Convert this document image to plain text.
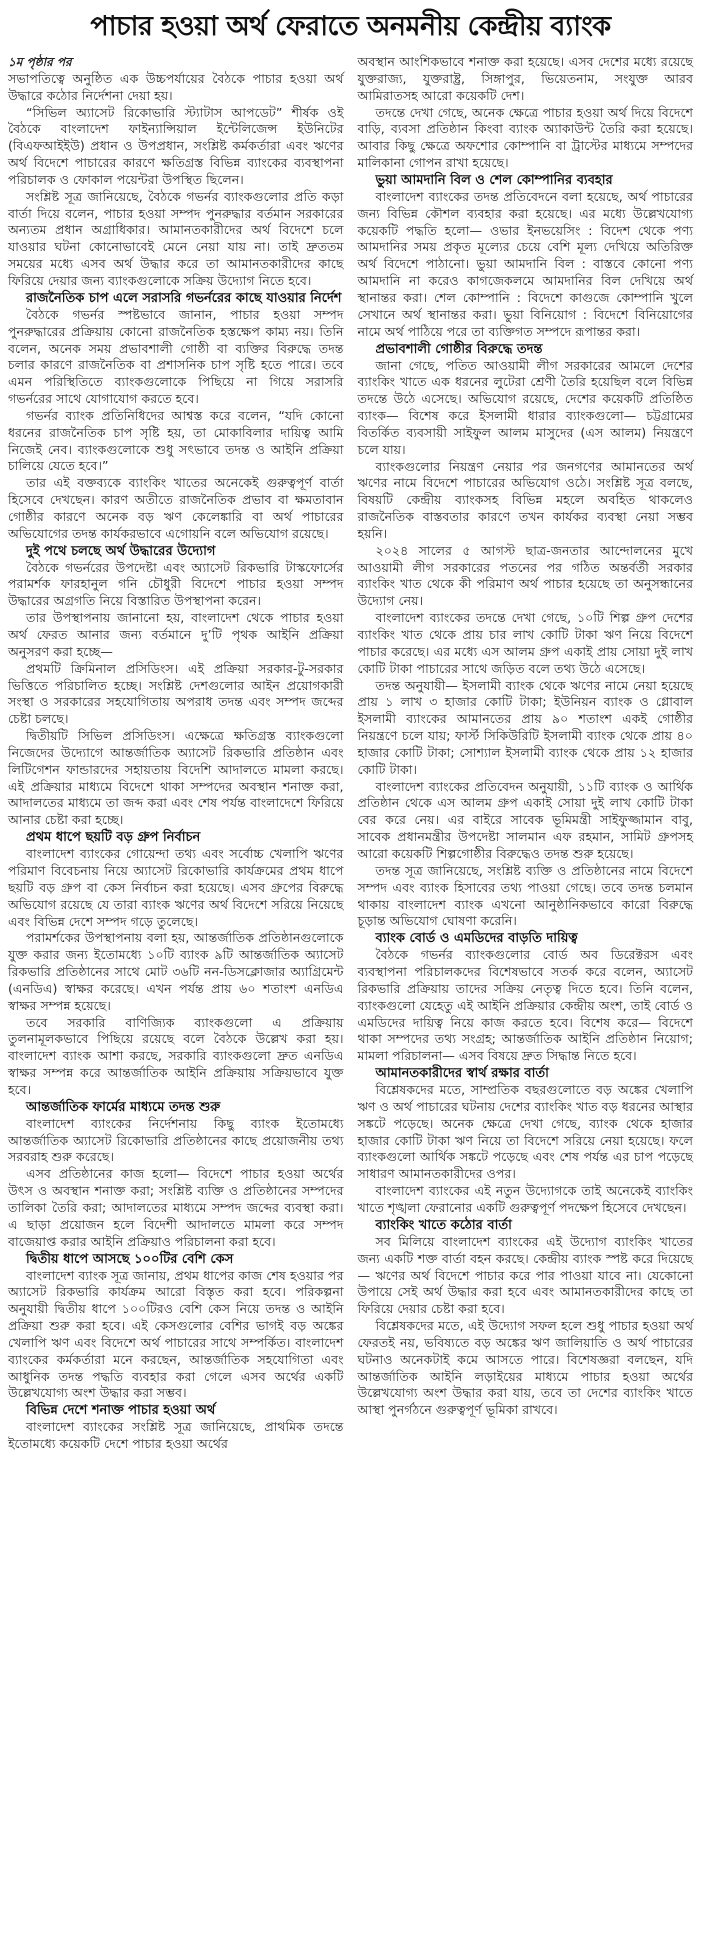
পাচার হওয়া অর্থ ফেরাতে অনমনীয় কেন্দ্রীয় ব্যাংক

১ম পৃষ্ঠার পর

সভাপতিত্বে অনুষ্ঠিত এক উচ্চপর্যায়ের বৈঠকে পাচার হওয়া অর্থ উদ্ধারে কঠোর নির্দেশনা দেয়া হয়।

“সিভিল অ্যাসেট রিকোভারি স্ট্যাটাস আপডেট” শীর্ষক ওই বৈঠকে বাংলাদেশ ফাইন্যান্সিয়াল ইন্টেলিজেন্স ইউনিটের (বিএফআইইউ) প্রধান ও উপপ্রধান, সংশ্লিষ্ট কর্মকর্তারা এবং ঋণের অর্থ বিদেশে পাচারের কারণে ক্ষতিগ্রস্ত বিভিন্ন ব্যাংকের ব্যবস্থাপনা পরিচালক ও ফোকাল পয়েন্টরা উপস্থিত ছিলেন।

সংশ্লিষ্ট সূত্র জানিয়েছে, বৈঠকে গভর্নর ব্যাংকগুলোর প্রতি কড়া বার্তা দিয়ে বলেন, পাচার হওয়া সম্পদ পুনরুদ্ধার বর্তমান সরকারের অন্যতম প্রধান অগ্রাধিকার। আমানতকারীদের অর্থ বিদেশে চলে যাওয়ার ঘটনা কোনোভাবেই মেনে নেয়া যায় না। তাই দ্রুততম সময়ের মধ্যে এসব অর্থ উদ্ধার করে তা আমানতকারীদের কাছে ফিরিয়ে দেয়ার জন্য ব্যাংকগুলোকে সক্রিয় উদ্যোগ নিতে হবে।

রাজনৈতিক চাপ এলে সরাসরি গভর্নরের কাছে যাওয়ার নির্দেশ

বৈঠকে গভর্নর স্পষ্টভাবে জানান, পাচার হওয়া সম্পদ পুনরুদ্ধারের প্রক্রিয়ায় কোনো রাজনৈতিক হস্তক্ষেপ কাম্য নয়। তিনি বলেন, অনেক সময় প্রভাবশালী গোষ্ঠী বা ব্যক্তির বিরুদ্ধে তদন্ত চলার কারণে রাজনৈতিক বা প্রশাসনিক চাপ সৃষ্টি হতে পারে। তবে এমন পরিস্থিতিতে ব্যাংকগুলোকে পিছিয়ে না গিয়ে সরাসরি গভর্নরের সাথে যোগাযোগ করতে হবে।

গভর্নর ব্যাংক প্রতিনিধিদের আশ্বস্ত করে বলেন, “যদি কোনো ধরনের রাজনৈতিক চাপ সৃষ্টি হয়, তা মোকাবিলার দায়িত্ব আমি নিজেই নেব। ব্যাংকগুলোকে শুধু সৎভাবে তদন্ত ও আইনি প্রক্রিয়া চালিয়ে যেতে হবে।”

তার এই বক্তব্যকে ব্যাংকিং খাতের অনেকেই গুরুত্বপূর্ণ বার্তা হিসেবে দেখছেন। কারণ অতীতে রাজনৈতিক প্রভাব বা ক্ষমতাবান গোষ্ঠীর কারণে অনেক বড় ঋণ কেলেঙ্কারি বা অর্থ পাচারের অভিযোগের তদন্ত কার্যকরভাবে এগোয়নি বলে অভিযোগ রয়েছে।

দুই পথে চলছে অর্থ উদ্ধারের উদ্যোগ

বৈঠকে গভর্নরের উপদেষ্টা এবং অ্যাসেট রিকভারি টাস্কফোর্সের পরামর্শক ফারহানুল গনি চৌধুরী বিদেশে পাচার হওয়া সম্পদ উদ্ধারের অগ্রগতি নিয়ে বিস্তারিত উপস্থাপনা করেন।

তার উপস্থাপনায় জানানো হয়, বাংলাদেশ থেকে পাচার হওয়া অর্থ ফেরত আনার জন্য বর্তমানে দু’টি পৃথক আইনি প্রক্রিয়া অনুসরণ করা হচ্ছে—

প্রথমটি ক্রিমিনাল প্রসিডিংস। এই প্রক্রিয়া সরকার-টু-সরকার ভিত্তিতে পরিচালিত হচ্ছে। সংশ্লিষ্ট দেশগুলোর আইন প্রয়োগকারী সংস্থা ও সরকারের সহযোগিতায় অপরাধ তদন্ত এবং সম্পদ জব্দের চেষ্টা চলছে।

দ্বিতীয়টি সিভিল প্রসিডিংস। এক্ষেত্রে ক্ষতিগ্রস্ত ব্যাংকগুলো নিজেদের উদ্যোগে আন্তর্জাতিক অ্যাসেট রিকভারি প্রতিষ্ঠান এবং লিটিগেশন ফান্ডারদের সহায়তায় বিদেশি আদালতে মামলা করছে। এই প্রক্রিয়ার মাধ্যমে বিদেশে থাকা সম্পদের অবস্থান শনাক্ত করা, আদালতের মাধ্যমে তা জব্দ করা এবং শেষ পর্যন্ত বাংলাদেশে ফিরিয়ে আনার চেষ্টা করা হচ্ছে।

প্রথম ধাপে ছয়টি বড় গ্রুপ নির্বাচন

বাংলাদেশ ব্যাংকের গোয়েন্দা তথ্য এবং সর্বোচ্চ খেলাপি ঋণের পরিমাণ বিবেচনায় নিয়ে অ্যাসেট রিকোভারি কার্যক্রমের প্রথম ধাপে ছয়টি বড় গ্রুপ বা কেস নির্বাচন করা হয়েছে। এসব গ্রুপের বিরুদ্ধে অভিযোগ রয়েছে যে তারা ব্যাংক ঋণের অর্থ বিদেশে সরিয়ে নিয়েছে এবং বিভিন্ন দেশে সম্পদ গড়ে তুলেছে।

পরামর্শকের উপস্থাপনায় বলা হয়, আন্তর্জাতিক প্রতিষ্ঠানগুলোকে যুক্ত করার জন্য ইতোমধ্যে ১০টি ব্যাংক ৯টি আন্তর্জাতিক অ্যাসেট রিকভারি প্রতিষ্ঠানের সাথে মোট ৩৬টি নন-ডিসক্লোজার অ্যাগ্রিমেন্ট (এনডিএ) স্বাক্ষর করেছে। এখন পর্যন্ত প্রায় ৬০ শতাংশ এনডিএ স্বাক্ষর সম্পন্ন হয়েছে।

তবে সরকারি বাণিজ্যিক ব্যাংকগুলো এ প্রক্রিয়ায় তুলনামূলকভাবে পিছিয়ে রয়েছে বলে বৈঠকে উল্লেখ করা হয়। বাংলাদেশ ব্যাংক আশা করছে, সরকারি ব্যাংকগুলো দ্রুত এনডিএ স্বাক্ষর সম্পন্ন করে আন্তর্জাতিক আইনি প্রক্রিয়ায় সক্রিয়ভাবে যুক্ত হবে।

আন্তর্জাতিক ফার্মের মাধ্যমে তদন্ত শুরু

বাংলাদেশ ব্যাংকের নির্দেশনায় কিছু ব্যাংক ইতোমধ্যে আন্তর্জাতিক অ্যাসেট রিকোভারি প্রতিষ্ঠানের কাছে প্রয়োজনীয় তথ্য সরবরাহ শুরু করেছে।

এসব প্রতিষ্ঠানের কাজ হলো— বিদেশে পাচার হওয়া অর্থের উৎস ও অবস্থান শনাক্ত করা; সংশ্লিষ্ট ব্যক্তি ও প্রতিষ্ঠানের সম্পদের তালিকা তৈরি করা; আদালতের মাধ্যমে সম্পদ জব্দের ব্যবস্থা করা। এ ছাড়া প্রয়োজন হলে বিদেশী আদালতে মামলা করে সম্পদ বাজেয়াপ্ত করার আইনি প্রক্রিয়াও পরিচালনা করা হবে।

দ্বিতীয় ধাপে আসছে ১০০টির বেশি কেস

বাংলাদেশ ব্যাংক সূত্র জানায়, প্রথম ধাপের কাজ শেষ হওয়ার পর অ্যাসেট রিকভারি কার্যক্রম আরো বিস্তৃত করা হবে। পরিকল্পনা অনুযায়ী দ্বিতীয় ধাপে ১০০টিরও বেশি কেস নিয়ে তদন্ত ও আইনি প্রক্রিয়া শুরু করা হবে। এই কেসগুলোর বেশির ভাগই বড় অঙ্কের খেলাপি ঋণ এবং বিদেশে অর্থ পাচারের সাথে সম্পর্কিত। বাংলাদেশ ব্যাংকের কর্মকর্তারা মনে করছেন, আন্তর্জাতিক সহযোগিতা এবং আধুনিক তদন্ত পদ্ধতি ব্যবহার করা গেলে এসব অর্থের একটি উল্লেখযোগ্য অংশ উদ্ধার করা সম্ভব।

বিভিন্ন দেশে শনাক্ত পাচার হওয়া অর্থ

বাংলাদেশ ব্যাংকের সংশ্লিষ্ট সূত্র জানিয়েছে, প্রাথমিক তদন্তে ইতোমধ্যে কয়েকটি দেশে পাচার হওয়া অর্থের

অবস্থান আংশিকভাবে শনাক্ত করা হয়েছে। এসব দেশের মধ্যে রয়েছে যুক্তরাজ্য, যুক্তরাষ্ট্র, সিঙ্গাপুর, ভিয়েতনাম, সংযুক্ত আরব আমিরাতসহ আরো কয়েকটি দেশ।

তদন্তে দেখা গেছে, অনেক ক্ষেত্রে পাচার হওয়া অর্থ দিয়ে বিদেশে বাড়ি, ব্যবসা প্রতিষ্ঠান কিংবা ব্যাংক অ্যাকাউন্ট তৈরি করা হয়েছে। আবার কিছু ক্ষেত্রে অফশোর কোম্পানি বা ট্রাস্টের মাধ্যমে সম্পদের মালিকানা গোপন রাখা হয়েছে।

ভুয়া আমদানি বিল ও শেল কোম্পানির ব্যবহার

বাংলাদেশ ব্যাংকের তদন্ত প্রতিবেদনে বলা হয়েছে, অর্থ পাচারের জন্য বিভিন্ন কৌশল ব্যবহার করা হয়েছে। এর মধ্যে উল্লেখযোগ্য কয়েকটি পদ্ধতি হলো— ওভার ইনভয়েসিং : বিদেশ থেকে পণ্য আমদানির সময় প্রকৃত মূল্যের চেয়ে বেশি মূল্য দেখিয়ে অতিরিক্ত অর্থ বিদেশে পাঠানো। ভুয়া আমদানি বিল : বাস্তবে কোনো পণ্য আমদানি না করেও কাগজেকলমে আমদানির বিল দেখিয়ে অর্থ স্থানান্তর করা। শেল কোম্পানি : বিদেশে কাগুজে কোম্পানি খুলে সেখানে অর্থ স্থানান্তর করা। ভুয়া বিনিয়োগ : বিদেশে বিনিয়োগের নামে অর্থ পাঠিয়ে পরে তা ব্যক্তিগত সম্পদে রূপান্তর করা।

প্রভাবশালী গোষ্ঠীর বিরুদ্ধে তদন্ত

জানা গেছে, পতিত আওয়ামী লীগ সরকারের আমলে দেশের ব্যাংকিং খাতে এক ধরনের লুটেরা শ্রেণী তৈরি হয়েছিল বলে বিভিন্ন তদন্তে উঠে এসেছে। অভিযোগ রয়েছে, দেশের কয়েকটি প্রতিষ্ঠিত ব্যাংক— বিশেষ করে ইসলামী ধারার ব্যাংকগুলো— চট্টগ্রামের বিতর্কিত ব্যবসায়ী সাইফুল আলম মাসুদের (এস আলম) নিয়ন্ত্রণে চলে যায়।

ব্যাংকগুলোর নিয়ন্ত্রণ নেয়ার পর জনগণের আমানতের অর্থ ঋণের নামে বিদেশে পাচারের অভিযোগ ওঠে। সংশ্লিষ্ট সূত্র বলছে, বিষয়টি কেন্দ্রীয় ব্যাংকসহ বিভিন্ন মহলে অবহিত থাকলেও রাজনৈতিক বাস্তবতার কারণে তখন কার্যকর ব্যবস্থা নেয়া সম্ভব হয়নি।

২০২৪ সালের ৫ আগস্ট ছাত্র-জনতার আন্দোলনের মুখে আওয়ামী লীগ সরকারের পতনের পর গঠিত অন্তর্বর্তী সরকার ব্যাংকিং খাত থেকে কী পরিমাণ অর্থ পাচার হয়েছে তা অনুসন্ধানের উদ্যোগ নেয়।

বাংলাদেশ ব্যাংকের তদন্তে দেখা গেছে, ১০টি শিল্প গ্রুপ দেশের ব্যাংকিং খাত থেকে প্রায় চার লাখ কোটি টাকা ঋণ নিয়ে বিদেশে পাচার করেছে। এর মধ্যে এস আলম গ্রুপ একাই প্রায় সোয়া দুই লাখ কোটি টাকা পাচারের সাথে জড়িত বলে তথ্য উঠে এসেছে।

তদন্ত অনুযায়ী— ইসলামী ব্যাংক থেকে ঋণের নামে নেয়া হয়েছে প্রায় ১ লাখ ৩ হাজার কোটি টাকা; ইউনিয়ন ব্যাংক ও গ্লোবাল ইসলামী ব্যাংকের আমানতের প্রায় ৯০ শতাংশ একই গোষ্ঠীর নিয়ন্ত্রণে চলে যায়; ফার্স্ট সিকিউরিটি ইসলামী ব্যাংক থেকে প্রায় ৪০ হাজার কোটি টাকা; সোশ্যাল ইসলামী ব্যাংক থেকে প্রায় ১২ হাজার কোটি টাকা।

বাংলাদেশ ব্যাংকের প্রতিবেদন অনুযায়ী, ১১টি ব্যাংক ও আর্থিক প্রতিষ্ঠান থেকে এস আলম গ্রুপ একাই সোয়া দুই লাখ কোটি টাকা বের করে নেয়। এর বাইরে সাবেক ভূমিমন্ত্রী সাইফুজ্জামান বাবু, সাবেক প্রধানমন্ত্রীর উপদেষ্টা সালমান এফ রহমান, সামিট গ্রুপসহ আরো কয়েকটি শিল্পগোষ্ঠীর বিরুদ্ধেও তদন্ত শুরু হয়েছে।

তদন্ত সূত্র জানিয়েছে, সংশ্লিষ্ট ব্যক্তি ও প্রতিষ্ঠানের নামে বিদেশে সম্পদ এবং ব্যাংক হিসাবের তথ্য পাওয়া গেছে। তবে তদন্ত চলমান থাকায় বাংলাদেশ ব্যাংক এখনো আনুষ্ঠানিকভাবে কারো বিরুদ্ধে চূড়ান্ত অভিযোগ ঘোষণা করেনি।

ব্যাংক বোর্ড ও এমডিদের বাড়তি দায়িত্ব

বৈঠকে গভর্নর ব্যাংকগুলোর বোর্ড অব ডিরেক্টরস এবং ব্যবস্থাপনা পরিচালকদের বিশেষভাবে সতর্ক করে বলেন, অ্যাসেট রিকভারি প্রক্রিয়ায় তাদের সক্রিয় নেতৃত্ব দিতে হবে। তিনি বলেন, ব্যাংকগুলো যেহেতু এই আইনি প্রক্রিয়ার কেন্দ্রীয় অংশ, তাই বোর্ড ও এমডিদের দায়িত্ব নিয়ে কাজ করতে হবে। বিশেষ করে— বিদেশে থাকা সম্পদের তথ্য সংগ্রহ; আন্তর্জাতিক আইনি প্রতিষ্ঠান নিয়োগ; মামলা পরিচালনা— এসব বিষয়ে দ্রুত সিদ্ধান্ত নিতে হবে।

আমানতকারীদের স্বার্থ রক্ষার বার্তা

বিশ্লেষকদের মতে, সাম্প্রতিক বছরগুলোতে বড় অঙ্কের খেলাপি ঋণ ও অর্থ পাচারের ঘটনায় দেশের ব্যাংকিং খাত বড় ধরনের আস্থার সঙ্কটে পড়েছে। অনেক ক্ষেত্রে দেখা গেছে, ব্যাংক থেকে হাজার হাজার কোটি টাকা ঋণ নিয়ে তা বিদেশে সরিয়ে নেয়া হয়েছে। ফলে ব্যাংকগুলো আর্থিক সঙ্কটে পড়েছে এবং শেষ পর্যন্ত এর চাপ পড়েছে সাধারণ আমানতকারীদের ওপর।

বাংলাদেশ ব্যাংকের এই নতুন উদ্যোগকে তাই অনেকেই ব্যাংকিং খাতে শৃঙ্খলা ফেরানোর একটি গুরুত্বপূর্ণ পদক্ষেপ হিসেবে দেখছেন।

ব্যাংকিং খাতে কঠোর বার্তা

সব মিলিয়ে বাংলাদেশ ব্যাংকের এই উদ্যোগ ব্যাংকিং খাতের জন্য একটি শক্ত বার্তা বহন করছে। কেন্দ্রীয় ব্যাংক স্পষ্ট করে দিয়েছে— ঋণের অর্থ বিদেশে পাচার করে পার পাওয়া যাবে না। যেকোনো উপায়ে সেই অর্থ উদ্ধার করা হবে এবং আমানতকারীদের কাছে তা ফিরিয়ে দেয়ার চেষ্টা করা হবে।

বিশ্লেষকদের মতে, এই উদ্যোগ সফল হলে শুধু পাচার হওয়া অর্থ ফেরতই নয়, ভবিষ্যতে বড় অঙ্কের ঋণ জালিয়াতি ও অর্থ পাচারের ঘটনাও অনেকটাই কমে আসতে পারে। বিশেষজ্ঞরা বলছেন, যদি আন্তর্জাতিক আইনি লড়াইয়ের মাধ্যমে পাচার হওয়া অর্থের উল্লেখযোগ্য অংশ উদ্ধার করা যায়, তবে তা দেশের ব্যাংকিং খাতে আস্থা পুনর্গঠনে গুরুত্বপূর্ণ ভূমিকা রাখবে।
